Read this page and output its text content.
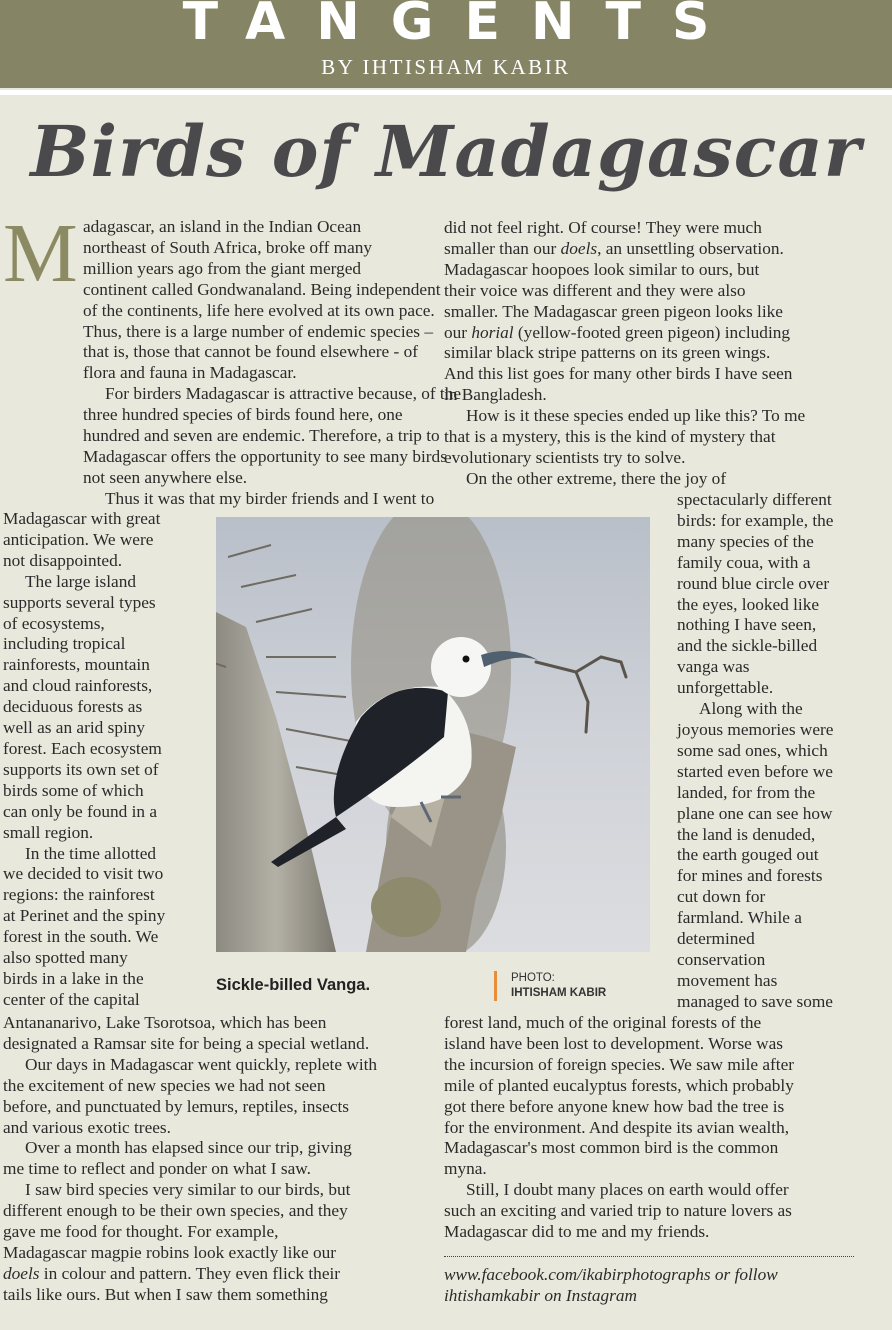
TANGENTS
BY IHTISHAM KABIR
Birds of Madagascar
M adagascar, an island in the Indian Ocean
northeast of South Africa, broke off many
million years ago from the giant merged
continent called Gondwanaland. Being independent
of the continents, life here evolved at its own pace.
Thus, there is a large number of endemic species –
that is, those that cannot be found elsewhere - of
flora and fauna in Madagascar.
For birders Madagascar is attractive because, of the
three hundred species of birds found here, one
hundred and seven are endemic. Therefore, a trip to
Madagascar offers the opportunity to see many birds
not seen anywhere else.
Thus it was that my birder friends and I went to
Madagascar with great
anticipation. We were
not disappointed.
The large island
supports several types
of ecosystems,
including tropical
rainforests, mountain
and cloud rainforests,
deciduous forests as
well as an arid spiny
forest. Each ecosystem
supports its own set of
birds some of which
can only be found in a
small region.
In the time allotted
we decided to visit two
regions: the rainforest
at Perinet and the spiny
forest in the south. We
also spotted many
birds in a lake in the
center of the capital
Antananarivo, Lake Tsorotsoa, which has been
designated a Ramsar site for being a special wetland.
Our days in Madagascar went quickly, replete with
the excitement of new species we had not seen
before, and punctuated by lemurs, reptiles, insects
and various exotic trees.
Over a month has elapsed since our trip, giving
me time to reflect and ponder on what I saw.
I saw bird species very similar to our birds, but
different enough to be their own species, and they
gave me food for thought. For example,
Madagascar magpie robins look exactly like our
doels in colour and pattern. They even flick their
tails like ours. But when I saw them something
did not feel right. Of course! They were much
smaller than our doels, an unsettling observation.
Madagascar hoopoes look similar to ours, but
their voice was different and they were also
smaller. The Madagascar green pigeon looks like
our horial (yellow-footed green pigeon) including
similar black stripe patterns on its green wings.
And this list goes for many other birds I have seen
in Bangladesh.
How is it these species ended up like this? To me
that is a mystery, this is the kind of mystery that
evolutionary scientists try to solve.
On the other extreme, there the joy of
spectacularly different
birds: for example, the
many species of the
family coua, with a
round blue circle over
the eyes, looked like
nothing I have seen,
and the sickle-billed
vanga was
unforgettable.
Along with the
joyous memories were
some sad ones, which
started even before we
landed, for from the
plane one can see how
the land is denuded,
the earth gouged out
for mines and forests
cut down for
farmland. While a
determined
conservation
movement has
managed to save some
forest land, much of the original forests of the
island have been lost to development. Worse was
the incursion of foreign species. We saw mile after
mile of planted eucalyptus forests, which probably
got there before anyone knew how bad the tree is
for the environment. And despite its avian wealth,
Madagascar's most common bird is the common
myna.
Still, I doubt many places on earth would offer
such an exciting and varied trip to nature lovers as
Madagascar did to me and my friends.
Sickle-billed Vanga.	PHOTO:
IHTISHAM KABIR
www.facebook.com/ikabirphotographs or follow
ihtishamkabir on Instagram
